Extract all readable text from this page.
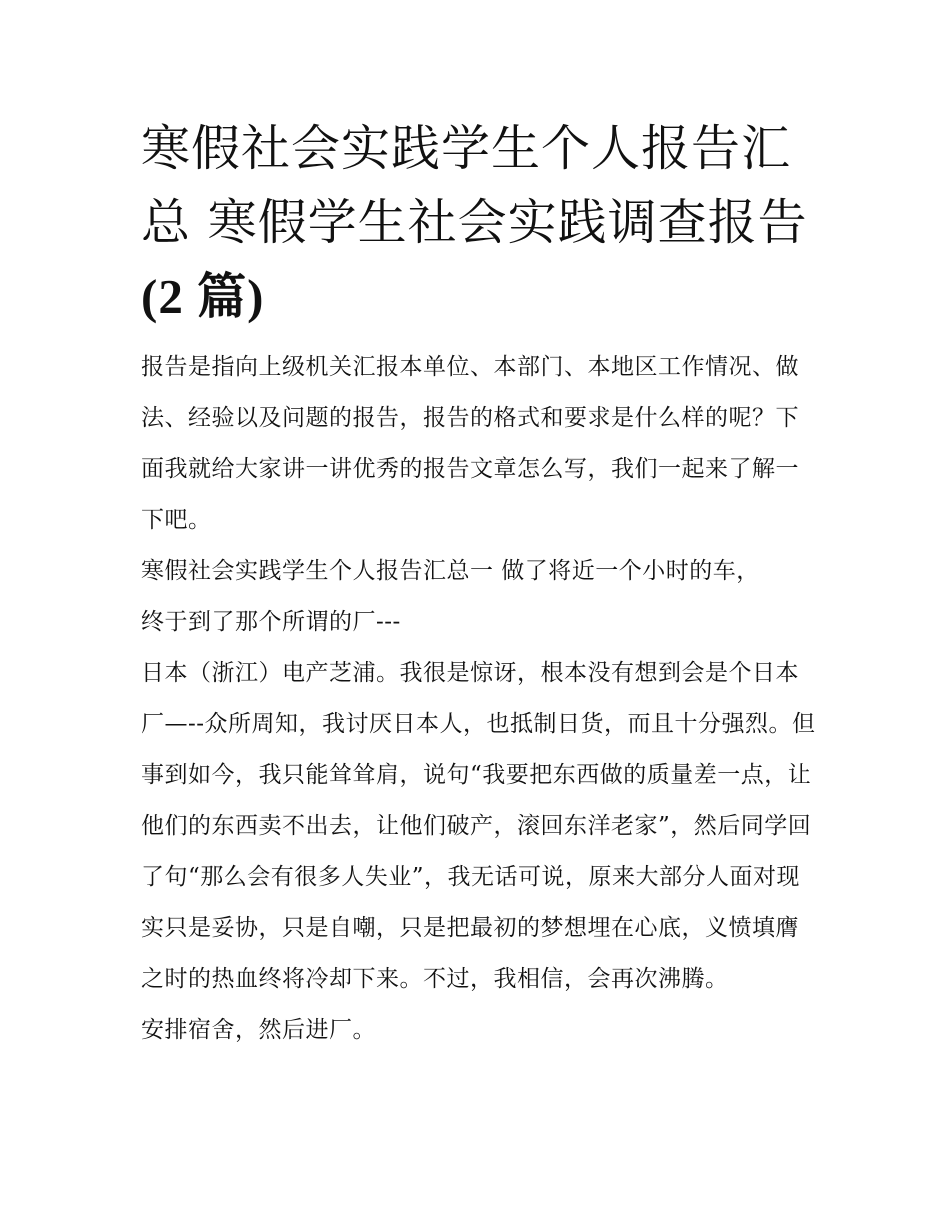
寒假社会实践学生个人报告汇总 寒假学生社会实践调查报告
(2 篇)

报告是指向上级机关汇报本单位、本部门、本地区工作情况、做法、经验以及问题的报告，报告的格式和要求是什么样的呢？下面我就给大家讲一讲优秀的报告文章怎么写，我们一起来了解一下吧。

寒假社会实践学生个人报告汇总一 做了将近一个小时的车，

终于到了那个所谓的厂---

日本（浙江）电产芝浦。我很是惊讶，根本没有想到会是个日本厂—--众所周知，我讨厌日本人，也抵制日货，而且十分强烈。但事到如今，我只能耸耸肩，说句“我要把东西做的质量差一点，让他们的东西卖不出去，让他们破产，滚回东洋老家”，然后同学回了句“那么会有很多人失业”，我无话可说，原来大部分人面对现实只是妥协，只是自嘲，只是把最初的梦想埋在心底，义愤填膺之时的热血终将冷却下来。不过，我相信，会再次沸腾。

安排宿舍，然后进厂。
